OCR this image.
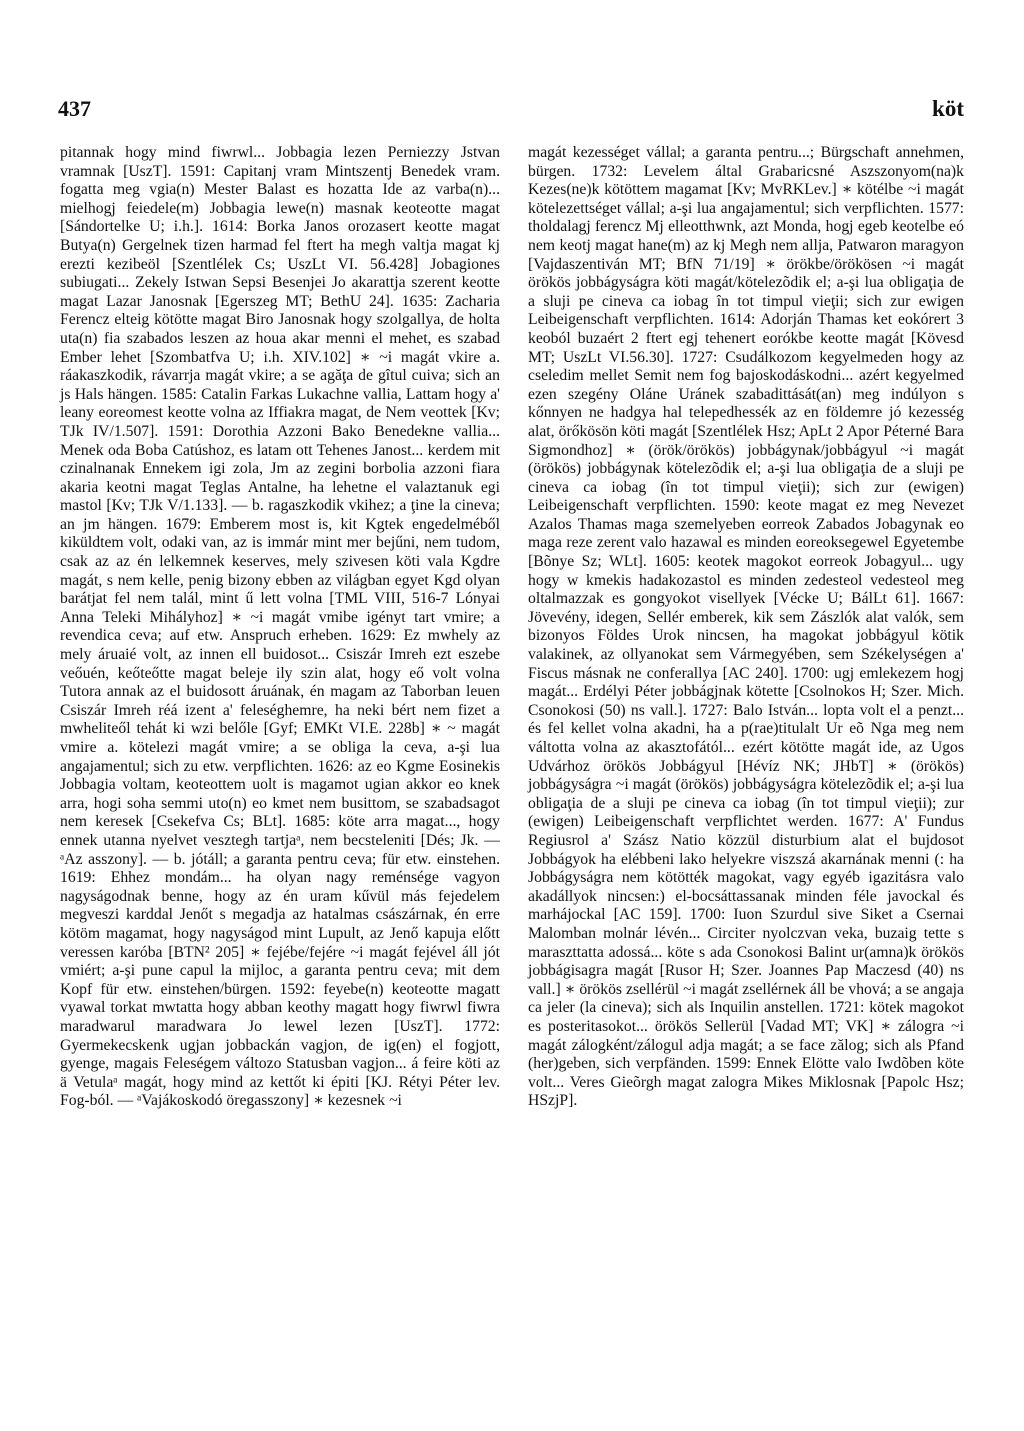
437	köt

pitannak hogy mind fiwrwl... Jobbagia lezen Perniezzy Jstvan vramnak [UszT]. 1591: Capitanj vram Mintszentj Benedek vram. fogatta meg vgia(n) Mester Balast es hozatta Ide az varba(n)... mielhogj feiedele(m) Jobbagia lewe(n) masnak keoteotte magat [Sándortelke U; i.h.]. 1614: Borka Janos orozasert keotte magat Butya(n) Gergelnek tizen harmad fel ftert ha megh valtja magat kj erezti kezibeöl [Szentlélek Cs; UszLt VI. 56.428] Jobagiones subiugati... Zekely Istwan Sepsi Besenjei Jo akarattja szerent keotte magat Lazar Janosnak [Egerszeg MT; BethU 24]. 1635: Zacharia Ferencz elteig kötötte magat Biro Janosnak hogy szolgallya, de holta uta(n) fia szabados leszen az houa akar menni el mehet, es szabad Ember lehet [Szombatfva U; i.h. XIV.102] ∗ ~i magát vkire a. ráakaszkodik, rávarrja magát vkire; a se agăţa de gîtul cuiva; sich an js Hals hängen. 1585: Catalin Farkas Lukachne vallia, Lattam hogy a' leany eoreomest keotte volna az Iffiakra magat, de Nem veottek [Kv; TJk IV/1.507]. 1591: Dorothia Azzoni Bako Benedekne vallia... Menek oda Boba Catúshoz, es latam ott Tehenes Janost... kerdem mit czinalnanak Ennekem igi zola, Jm az zegini borbolia azzoni fiara akaria keotni magat Teglas Antalne, ha lehetne el valaztanuk egi mastol [Kv; TJk V/1.133]. — b. ragaszkodik vkihez; a ţine la cineva; an jm hängen. 1679: Emberem most is, kit Kgtek engedelméből kiküldtem volt, odaki van, az is immár mint mer bejűni, nem tudom, csak az az én lelkemnek keserves, mely szivesen köti vala Kgdre magát, s nem kelle, penig bizony ebben az világban egyet Kgd olyan barátjat fel nem talál, mint ű lett volna [TML VIII, 516-7 Lónyai Anna Teleki Mihályhoz] ∗ ~i magát vmibe igényt tart vmire; a revendica ceva; auf etw. Anspruch erheben. 1629: Ez mwhely az mely áruaié volt, az innen ell buidosot... Csiszár Imreh ezt eszebe veőuén, keőteőtte magat beleje ily szin alat, hogy eő volt volna Tutora annak az el buidosott áruának, én magam az Taborban leuen Csiszár Imreh réá izent a' feleséghemre, ha neki bért nem fizet a mwheliteől tehát ki wzi belőle [Gyf; EMKt VI.E. 228b] ∗ ~ magát vmire a. kötelezi magát vmire; a se obliga la ceva, a-şi lua angajamentul; sich zu etw. verpflichten. 1626: az eo Kgme Eosinekis Jobbagia voltam, keoteottem uolt is magamot ugian akkor eo knek arra, hogi soha semmi uto(n) eo kmet nem busittom, se szabadsagot nem keresek [Csekefva Cs; BLt]. 1685: köte arra magat..., hogy ennek utanna nyelvet vesztegh tartjaᵃ, nem becsteleniti [Dés; Jk. — ᵃAz asszony]. — b. jótáll; a garanta pentru ceva; für etw. einstehen. 1619: Ehhez mondám... ha olyan nagy reménsége vagyon nagyságodnak benne, hogy az én uram kűvül más fejedelem megveszi karddal Jenőt s megadja az hatalmas császárnak, én erre kötöm magamat, hogy nagyságod mint Lupult, az Jenő kapuja előtt veressen karóba [BTN² 205] ∗ fejébe/fejére ~i magát fejével áll jót vmiért; a-şi pune capul la mijloc, a garanta pentru ceva; mit dem Kopf für etw. einstehen/bürgen. 1592: feyebe(n) keoteotte magatt vyawal torkat mwtatta hogy abban keothy magatt hogy fiwrwl fiwra maradwarul maradwara Jo lewel lezen [UszT]. 1772: Gyermekecskenk ugjan jobbackán vagjon, de ig(en) el fogjott, gyenge, magais Feleségem változo Statusban vagjon... á feire köti az ä Vetulaᵃ magát, hogy mind az kettőt ki épiti [KJ. Rétyi Péter lev. Fog-ból. — ᵃVajákoskodó öregasszony] ∗ kezesnek ~i

magát kezességet vállal; a garanta pentru...; Bürgschaft annehmen, bürgen. 1732: Levelem által Grabaricsné Aszszonyom(na)k Kezes(ne)k kötöttem magamat [Kv; MvRKLev.] ∗ kötélbe ~i magát kötelezettséget vállal; a-şi lua angajamentul; sich verpflichten. 1577: tholdalagj ferencz Mj elleotthwnk, azt Monda, hogj egeb keotelbe eó nem keotj magat hane(m) az kj Megh nem allja, Patwaron maragyon [Vajdaszentiván MT; BfN 71/19] ∗ örökbe/örökösen ~i magát örökös jobbágyságra köti magát/kötelezõdik el; a-şi lua obligaţia de a sluji pe cineva ca iobag în tot timpul vieţii; sich zur ewigen Leibeigenschaft verpflichten. 1614: Adorján Thamas ket eokórert 3 keoból buzaért 2 ftert egj tehenert eorókbe keotte magát [Kövesd MT; UszLt VI.56.30]. 1727: Csudálkozom kegyelmeden hogy az cseledim mellet Semit nem fog bajoskodáskodni... azért kegyelmed ezen szegény Oláne Uránek szabadittását(an) meg indúlyon s kőnnyen ne hadgya hal telepedhessék az en földemre jó kezesség alat, örőkösön köti magát [Szentlélek Hsz; ApLt 2 Apor Péterné Bara Sigmondhoz] ∗ (örök/örökös) jobbágynak/jobbágyul ~i magát (örökös) jobbágynak kötelezõdik el; a-şi lua obligaţia de a sluji pe cineva ca iobag (în tot timpul vieţii); sich zur (ewigen) Leibeigenschaft verpflichten. 1590: keote magat ez meg Nevezet Azalos Thamas maga szemelyeben eorreok Zabados Jobagynak eo maga reze zerent valo hazawal es minden eoreoksegewel Egyetembe [Bõnye Sz; WLt]. 1605: keotek magokot eorreok Jobagyul... ugy hogy w kmekis hadakozastol es minden zedesteol vedesteol meg oltalmazzak es gongyokot visellyek [Vécke U; BálLt 61]. 1667: Jövevény, idegen, Sellér emberek, kik sem Zászlók alat valók, sem bizonyos Földes Urok nincsen, ha magokat jobbágyul kötik valakinek, az ollyanokat sem Vármegyében, sem Székelységen a' Fiscus másnak ne conferallya [AC 240]. 1700: ugj emlekezem hogj magát... Erdélyi Péter jobbágjnak kötette [Csolnokos H; Szer. Mich. Csonokosi (50) ns vall.]. 1727: Balo István... lopta volt el a penzt... és fel kellet volna akadni, ha a p(rae)titulalt Ur eõ Nga meg nem váltotta volna az akasztofától... ezért kötötte magát ide, az Ugos Udvárhoz örökös Jobbágyul [Hévíz NK; JHbT] ∗ (örökös) jobbágyságra ~i magát (örökös) jobbágyságra kötelezõdik el; a-şi lua obligaţia de a sluji pe cineva ca iobag (în tot timpul vieţii); zur (ewigen) Leibeigenschaft verpflichtet werden. 1677: A' Fundus Regiusrol a' Szász Natio közzül disturbium alat el bujdosot Jobbágyok ha elébbeni lako helyekre viszszá akarnának menni (: ha Jobbágyságra nem kötötték magokat, vagy egyéb igazitásra valo akadállyok nincsen:) el-bocsáttassanak minden féle javockal és marhájockal [AC 159]. 1700: Iuon Szurdul sive Siket a Csernai Malomban molnár lévén... Circiter nyolczvan veka, buzaig tette s maraszttatta adossá... köte s ada Csonokosi Balint ur(amna)k örökös jobbágisagra magát [Rusor H; Szer. Joannes Pap Maczesd (40) ns vall.] ∗ örökös zsellérül ~i magát zsellérnek áll be vhová; a se angaja ca jeler (la cineva); sich als Inquilin anstellen. 1721: kötek magokot es posteritasokot... örökös Sellerül [Vadad MT; VK] ∗ zálogra ~i magát zálogként/zálogul adja magát; a se face zălog; sich als Pfand (her)geben, sich verpfänden. 1599: Ennek Elötte valo Iwdõben köte volt... Veres Gieõrgh magat zalogra Mikes Miklosnak [Papolc Hsz; HSzjP].
